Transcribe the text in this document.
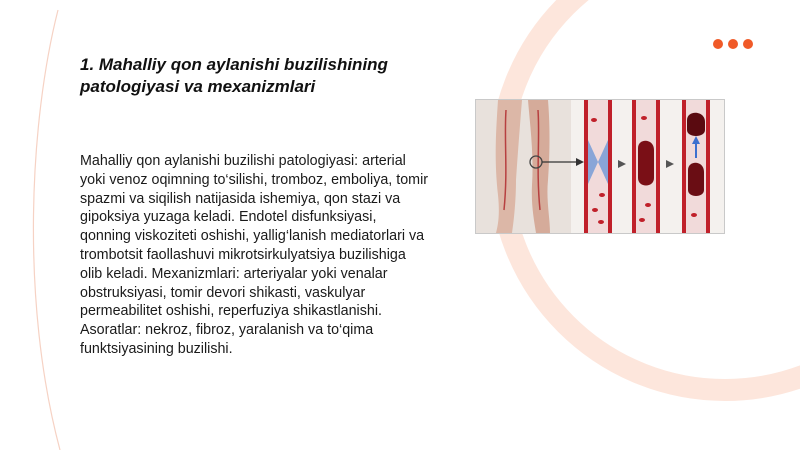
1. Mahalliy qon aylanishi buzilishining patologiyasi va mexanizmlari

Mahalliy qon aylanishi buzilishi patologiyasi: arterial yoki venoz oqimning to‘silishi, tromboz, emboliya, tomir spazmi va siqilish natijasida ishemiya, qon stazi va gipoksiya yuzaga keladi. Endotel disfunksiyasi, qonning viskoziteti oshishi, yallig‘lanish mediatorlari va trombotsit faollashuvi mikrotsirkulyatsiya buzilishiga olib keladi. Mexanizmlari: arteriyalar yoki venalar obstruksiyasi, tomir devori shikasti, vaskulyar permeabilitet oshishi, reperfuziya shikastlanishi. Asoratlar: nekroz, fibroz, yaralanish va to‘qima funktsiyasining buzilishi.
